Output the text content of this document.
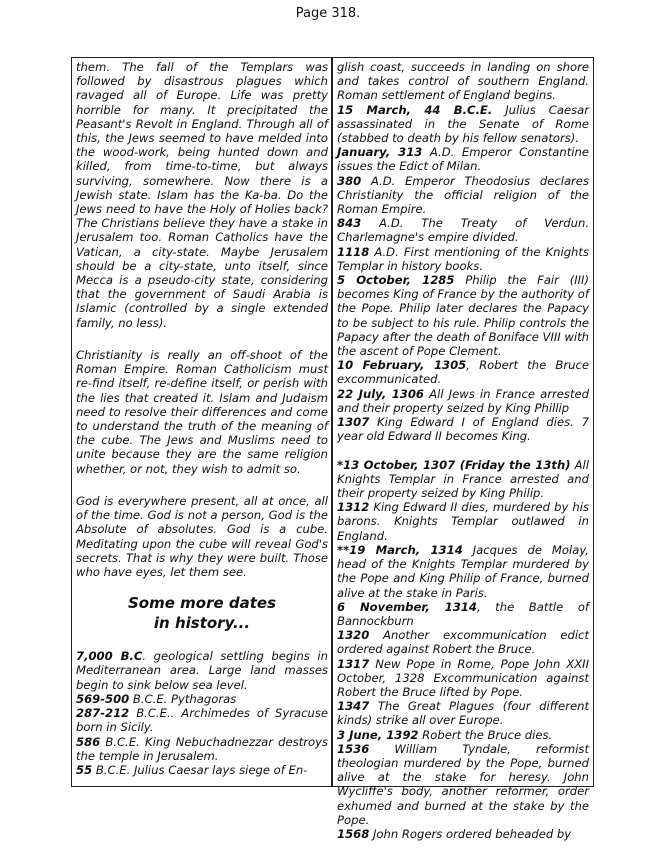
Page 318.

them. The fall of the Templars was followed by disastrous plagues which ravaged all of Europe. Life was pretty horrible for many. It precipitated the Peasant's Revolt in England. Through all of this, the Jews seemed to have melded into the wood-work, being hunted down and killed, from time-to-time, but always surviving, somewhere. Now there is a Jewish state. Islam has the Ka-ba. Do the Jews need to have the Holy of Holies back? The Christians believe they have a stake in Jerusalem too. Roman Catholics have the Vatican, a city-state. Maybe Jerusalem should be a city-state, unto itself, since Mecca is a pseudo-city state, considering that the government of Saudi Arabia is Islamic (controlled by a single extended family, no less).

Christianity is really an off-shoot of the Roman Empire. Roman Catholicism must re-find itself, re-define itself, or perish with the lies that created it. Islam and Judaism need to resolve their differences and come to understand the truth of the meaning of the cube. The Jews and Muslims need to unite because they are the same religion whether, or not, they wish to admit so.

God is everywhere present, all at once, all of the time. God is not a person, God is the Absolute of absolutes. God is a cube. Meditating upon the cube will reveal God's secrets. That is why they were built. Those who have eyes, let them see.

Some more dates
in history...

7,000 B.C. geological settling begins in Mediterranean area. Large land masses begin to sink below sea level.

569-500 B.C.E. Pythagoras

287-212 B.C.E.. Archimedes of Syracuse born in Sicily.

586 B.C.E. King Nebuchadnezzar destroys the temple in Jerusalem.

55 B.C.E. Julius Caesar lays siege of En-

glish coast, succeeds in landing on shore and takes control of southern England. Roman settlement of England begins.

15 March, 44 B.C.E. Julius Caesar assassinated in the Senate of Rome (stabbed to death by his fellow senators).

January, 313 A.D. Emperor Constantine issues the Edict of Milan.

380 A.D. Emperor Theodosius declares Christianity the official religion of the Roman Empire.

843 A.D. The Treaty of Verdun. Charlemagne's empire divided.

1118 A.D. First mentioning of the Knights Templar in history books.

5 October, 1285 Philip the Fair (III) becomes King of France by the authority of the Pope. Philip later declares the Papacy to be subject to his rule. Philip controls the Papacy after the death of Boniface VIII with the ascent of Pope Clement.

10 February, 1305, Robert the Bruce excommunicated.

22 July, 1306 All Jews in France arrested and their property seized by King Phillip

1307 King Edward I of England dies. 7 year old Edward II becomes King.

*13 October, 1307 (Friday the 13th) All Knights Templar in France arrested and their property seized by King Philip.

1312 King Edward II dies, murdered by his barons. Knights Templar outlawed in England.

**19 March, 1314 Jacques de Molay, head of the Knights Templar murdered by the Pope and King Philip of France, burned alive at the stake in Paris.

6 November, 1314, the Battle of Bannockburn

1320 Another excommunication edict ordered against Robert the Bruce.

1317 New Pope in Rome, Pope John XXII October, 1328 Excommunication against Robert the Bruce lifted by Pope.

1347 The Great Plagues (four different kinds) strike all over Europe.

3 June, 1392 Robert the Bruce dies.

1536 William Tyndale, reformist theologian murdered by the Pope, burned alive at the stake for heresy. John Wycliffe's body, another reformer, order exhumed and burned at the stake by the Pope.

1568 John Rogers ordered beheaded by
